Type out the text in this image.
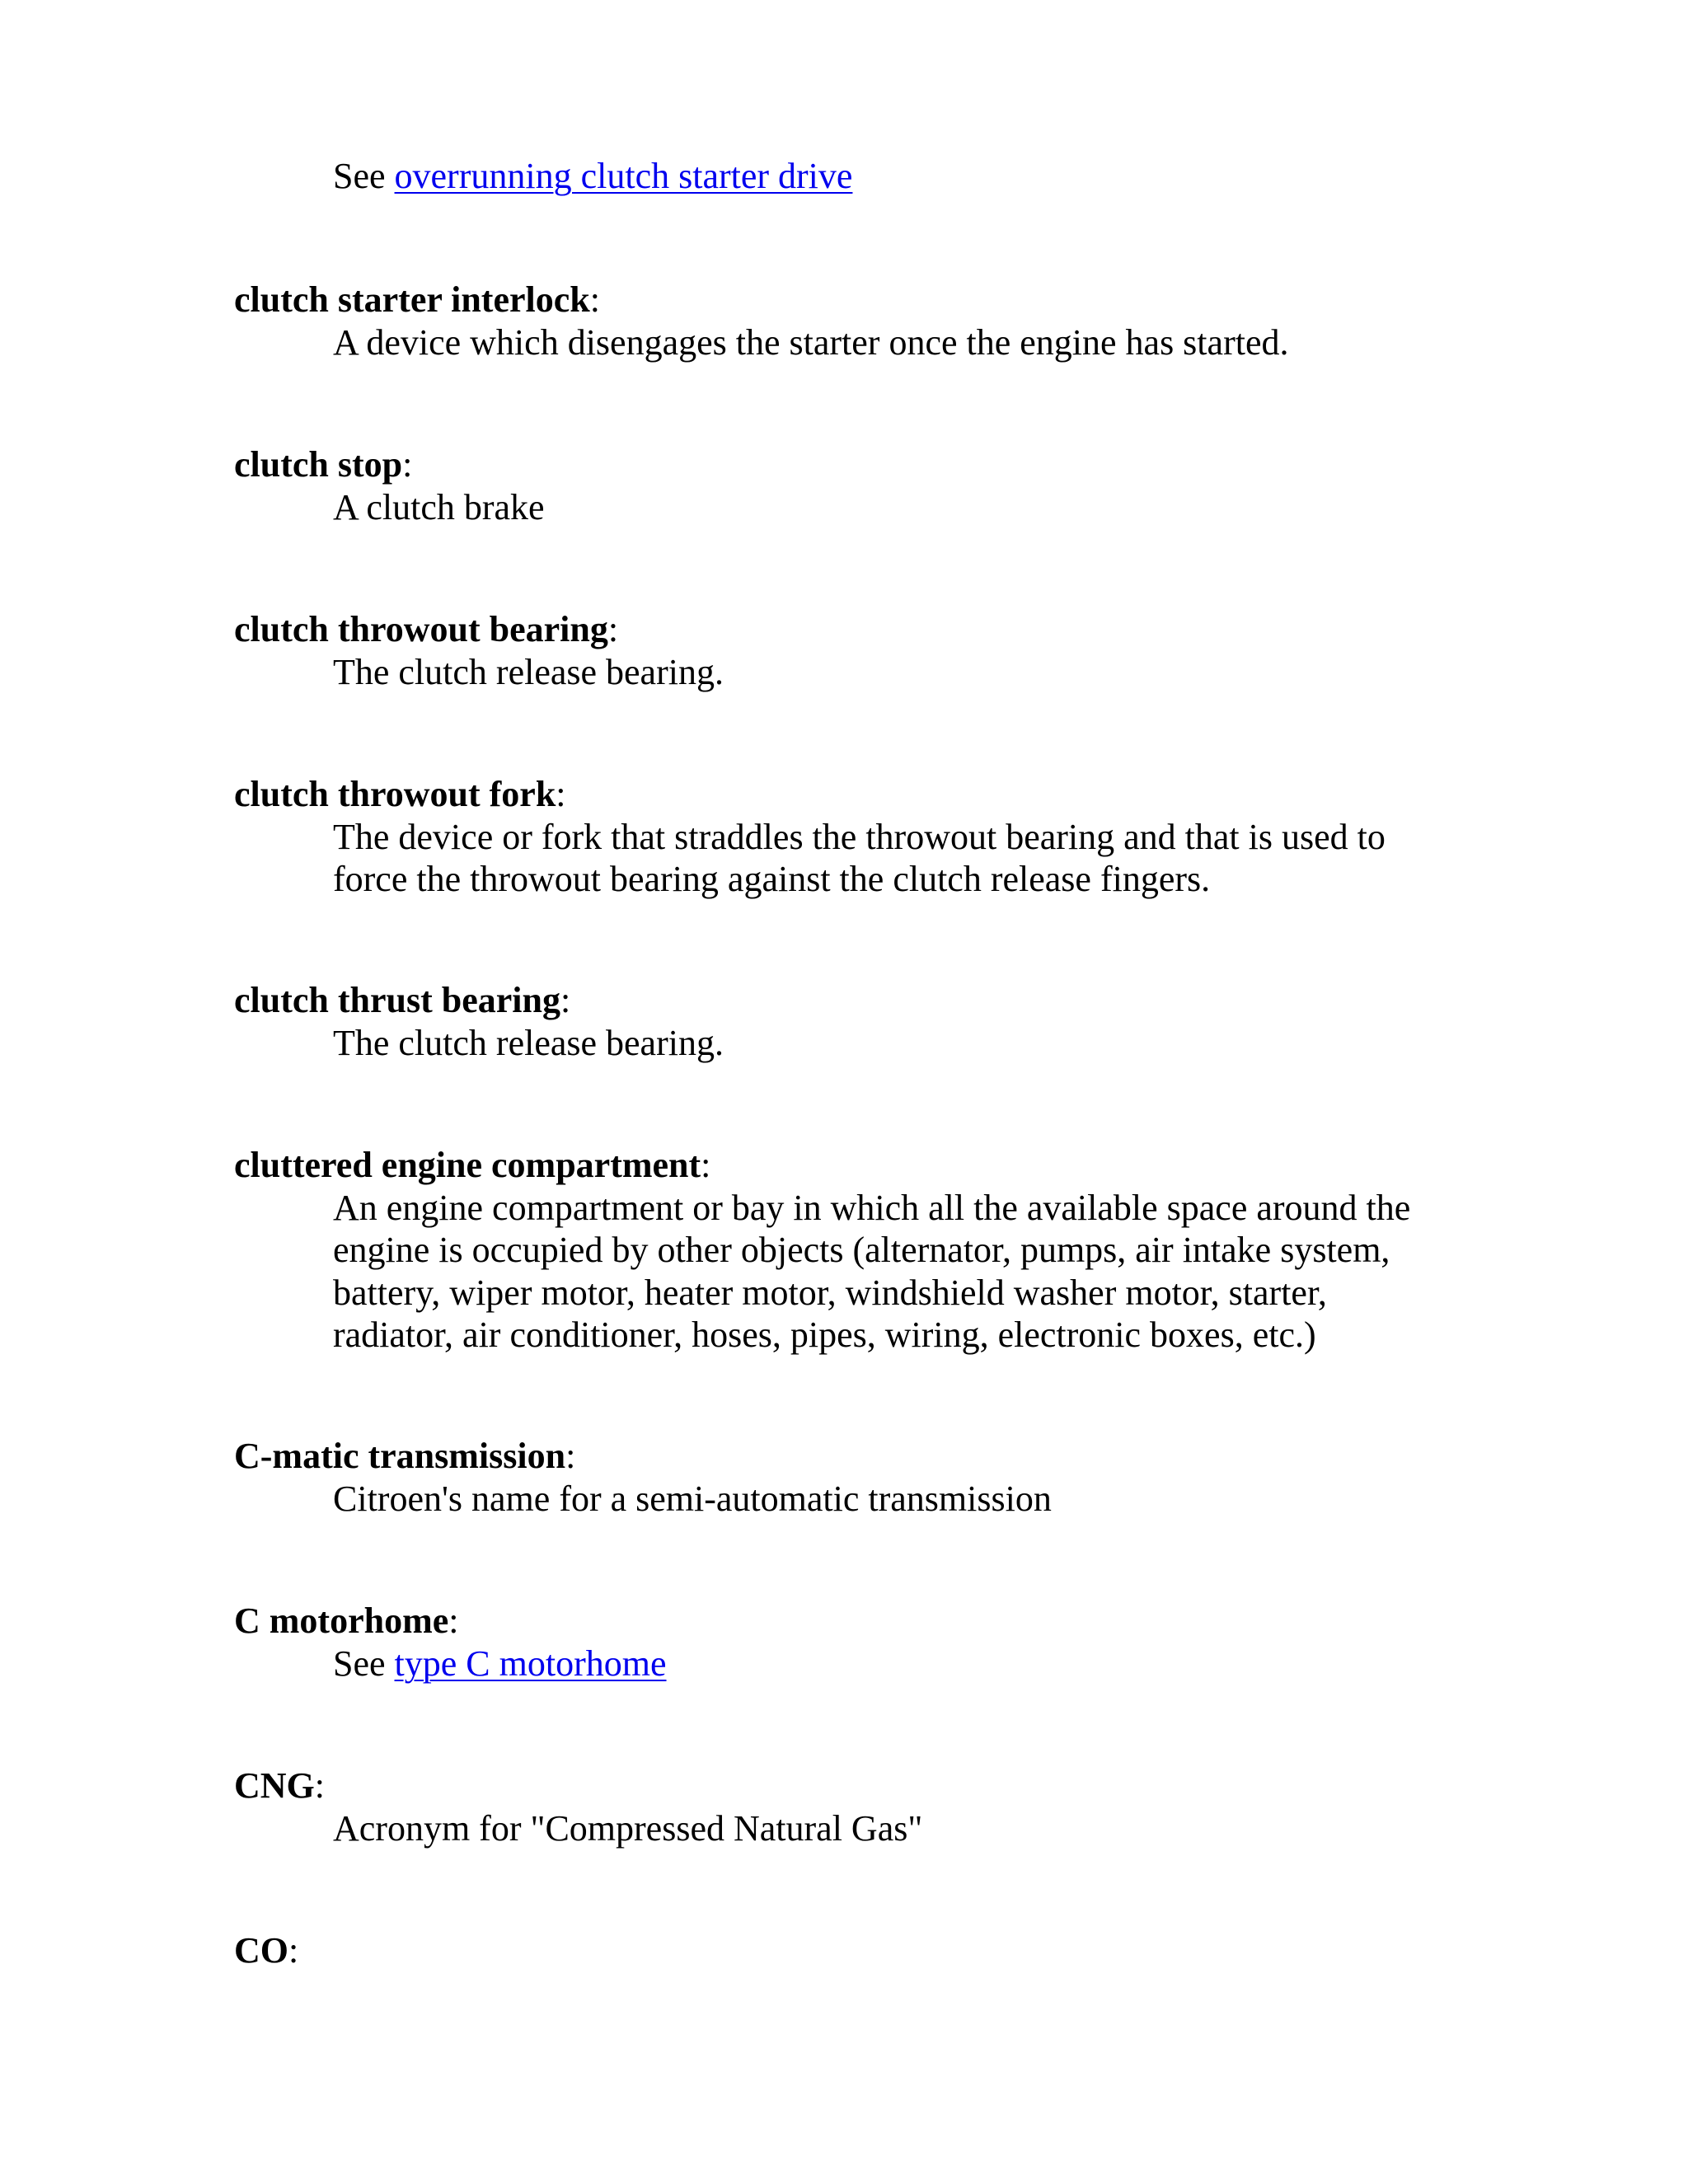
See overrunning clutch starter drive
clutch starter interlock:
A device which disengages the starter once the engine has started.
clutch stop:
A clutch brake
clutch throwout bearing:
The clutch release bearing.
clutch throwout fork:
The device or fork that straddles the throwout bearing and that is used to
force the throwout bearing against the clutch release fingers.
clutch thrust bearing:
The clutch release bearing.
cluttered engine compartment:
An engine compartment or bay in which all the available space around the
engine is occupied by other objects (alternator, pumps, air intake system,
battery, wiper motor, heater motor, windshield washer motor, starter,
radiator, air conditioner, hoses, pipes, wiring, electronic boxes, etc.)
C-matic transmission:
Citroen's name for a semi-automatic transmission
C motorhome:
See type C motorhome
CNG:
Acronym for "Compressed Natural Gas"
CO:
